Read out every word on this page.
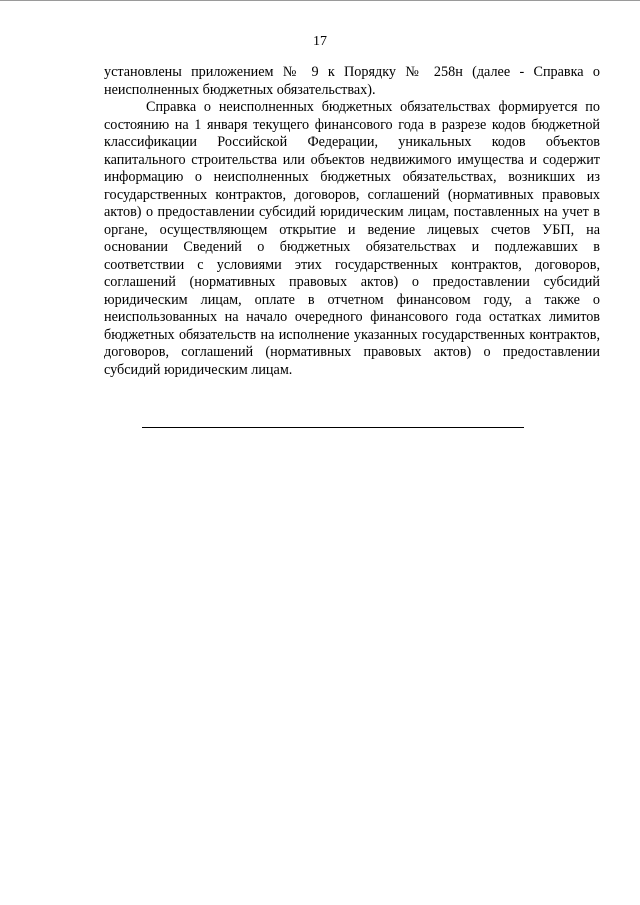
17

установлены приложением № 9 к Порядку № 258н (далее - Справка о неисполненных бюджетных обязательствах).

Справка о неисполненных бюджетных обязательствах формируется по состоянию на 1 января текущего финансового года в разрезе кодов бюджетной классификации Российской Федерации, уникальных кодов объектов капитального строительства или объектов недвижимого имущества и содержит информацию о неисполненных бюджетных обязательствах, возникших из государственных контрактов, договоров, соглашений (нормативных правовых актов) о предоставлении субсидий юридическим лицам, поставленных на учет в органе, осуществляющем открытие и ведение лицевых счетов УБП, на основании Сведений о бюджетных обязательствах и подлежавших в соответствии с условиями этих государственных контрактов, договоров, соглашений (нормативных правовых актов) о предоставлении субсидий юридическим лицам, оплате в отчетном финансовом году, а также о неиспользованных на начало очередного финансового года остатках лимитов бюджетных обязательств на исполнение указанных государственных контрактов, договоров, соглашений (нормативных правовых актов) о предоставлении субсидий юридическим лицам.
